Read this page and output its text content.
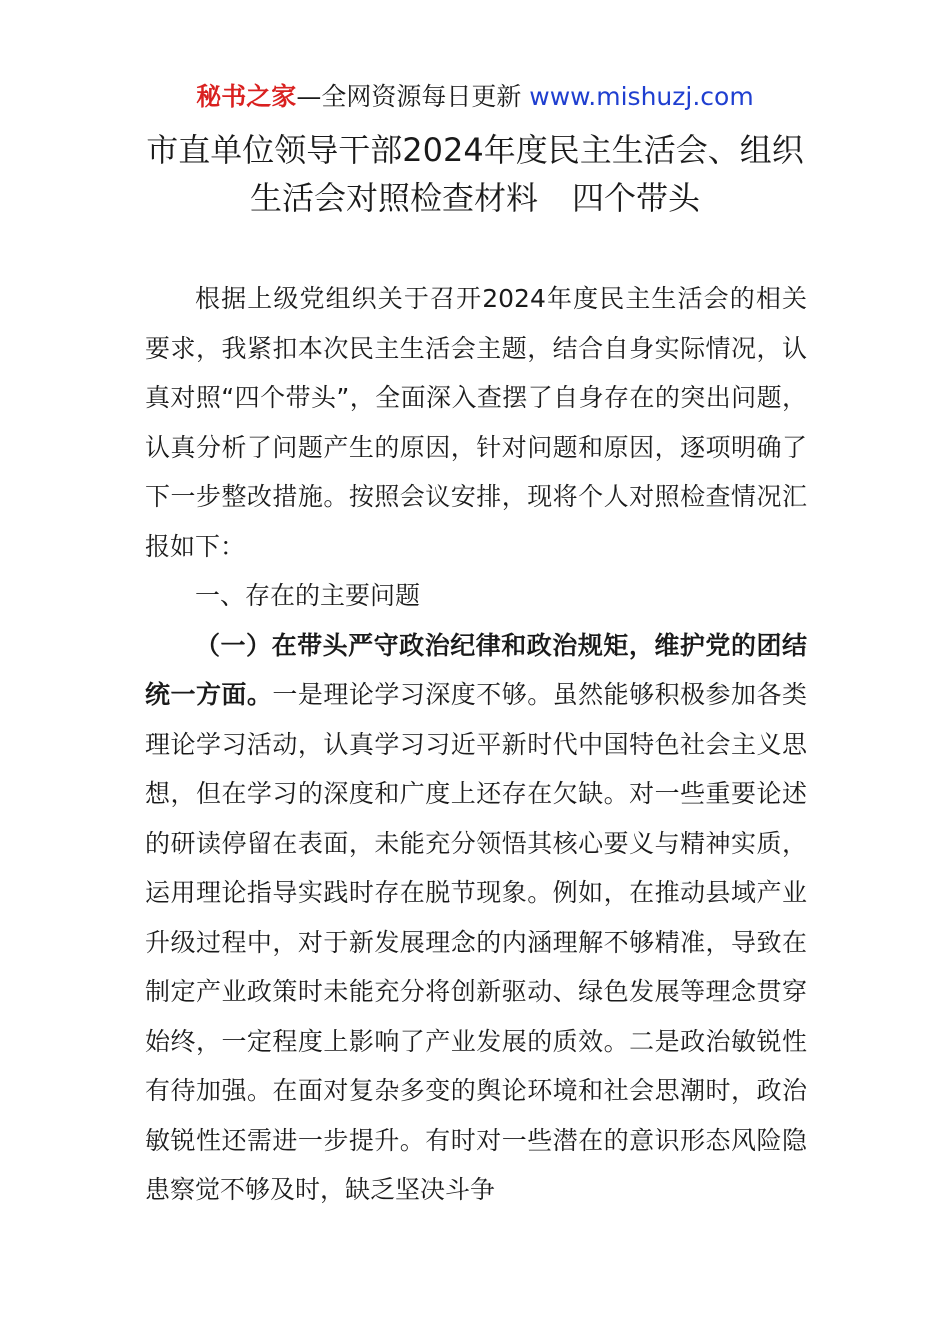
秘书之家—全网资源每日更新 www.mishuzj.com
市直单位领导干部2024年度民主生活会、组织
生活会对照检查材料 四个带头

根据上级党组织关于召开2024年度民主生活会的相关要求，我紧扣本次民主生活会主题，结合自身实际情况，认真对照“四个带头”，全面深入查摆了自身存在的突出问题，认真分析了问题产生的原因，针对问题和原因，逐项明确了下一步整改措施。按照会议安排，现将个人对照检查情况汇报如下：

一、存在的主要问题

（一）在带头严守政治纪律和政治规矩，维护党的团结统一方面。一是理论学习深度不够。虽然能够积极参加各类理论学习活动，认真学习习近平新时代中国特色社会主义思想，但在学习的深度和广度上还存在欠缺。对一些重要论述的研读停留在表面，未能充分领悟其核心要义与精神实质，运用理论指导实践时存在脱节现象。例如，在推动县域产业升级过程中，对于新发展理念的内涵理解不够精准，导致在制定产业政策时未能充分将创新驱动、绿色发展等理念贯穿始终，一定程度上影响了产业发展的质效。二是政治敏锐性有待加强。在面对复杂多变的舆论环境和社会思潮时，政治敏锐性还需进一步提升。有时对一些潜在的意识形态风险隐患察觉不够及时，缺乏坚决斗争
